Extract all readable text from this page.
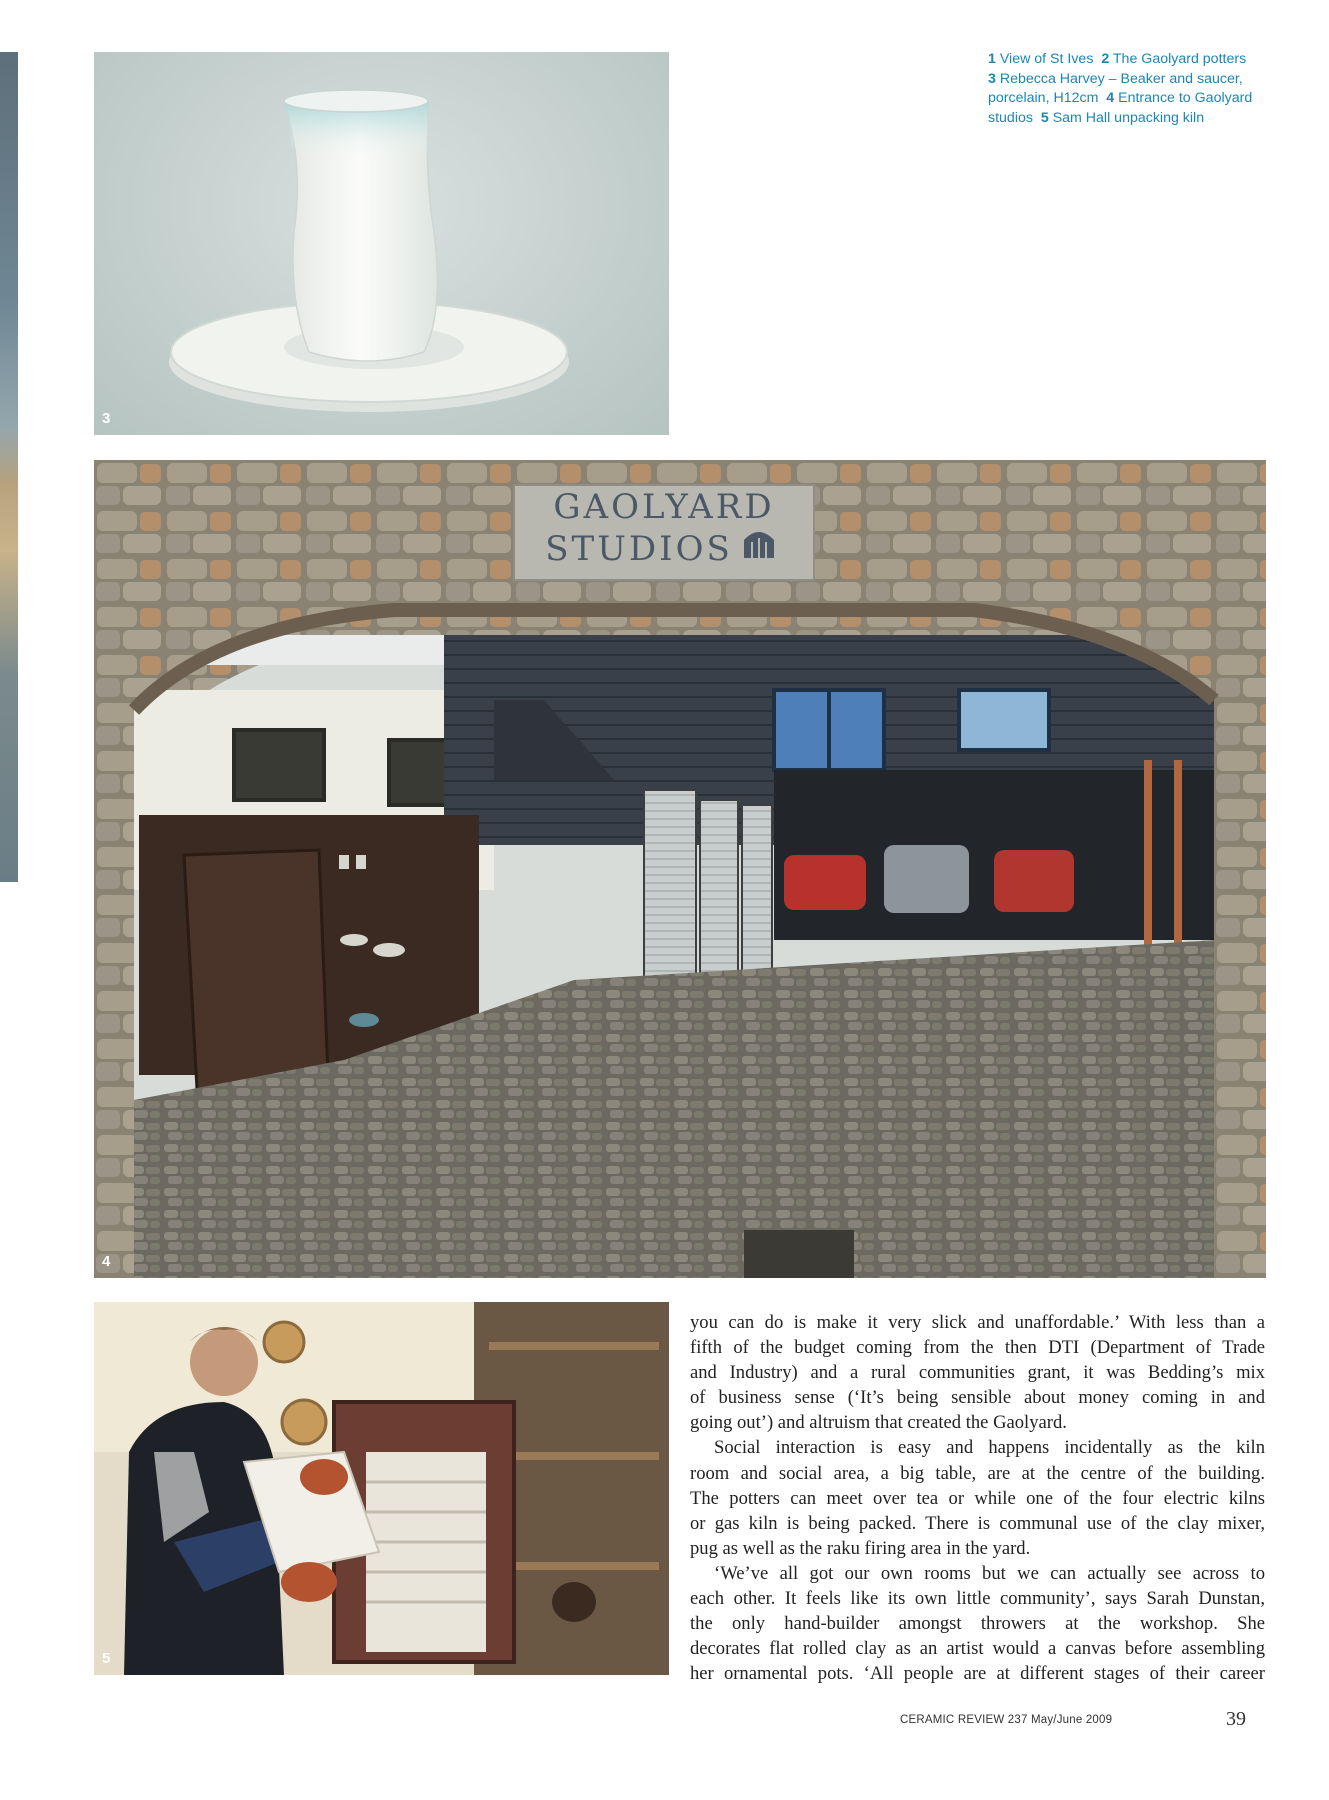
3
1 View of St Ives 2 The Gaolyard potters
3 Rebecca Harvey – Beaker and saucer, porcelain, H12cm 4 Entrance to Gaolyard studios 5 Sam Hall unpacking kiln
GAOLYARD
STUDIOS
4
5

you can do is make it very slick and unaffordable.’ With less than a
fifth of the budget coming from the then DTI (Department of Trade
and Industry) and a rural communities grant, it was Bedding’s mix
of business sense (‘It’s being sensible about money coming in and
going out’) and altruism that created the Gaolyard.

Social interaction is easy and happens incidentally as the kiln
room and social area, a big table, are at the centre of the building.
The potters can meet over tea or while one of the four electric kilns
or gas kiln is being packed. There is communal use of the clay mixer,
pug as well as the raku firing area in the yard.

‘We’ve all got our own rooms but we can actually see across to
each other. It feels like its own little community’, says Sarah Dunstan,
the only hand-builder amongst throwers at the workshop. She
decorates flat rolled clay as an artist would a canvas before assembling
her ornamental pots. ‘All people are at different stages of their career

CERAMIC REVIEW 237 May/June 2009	39
